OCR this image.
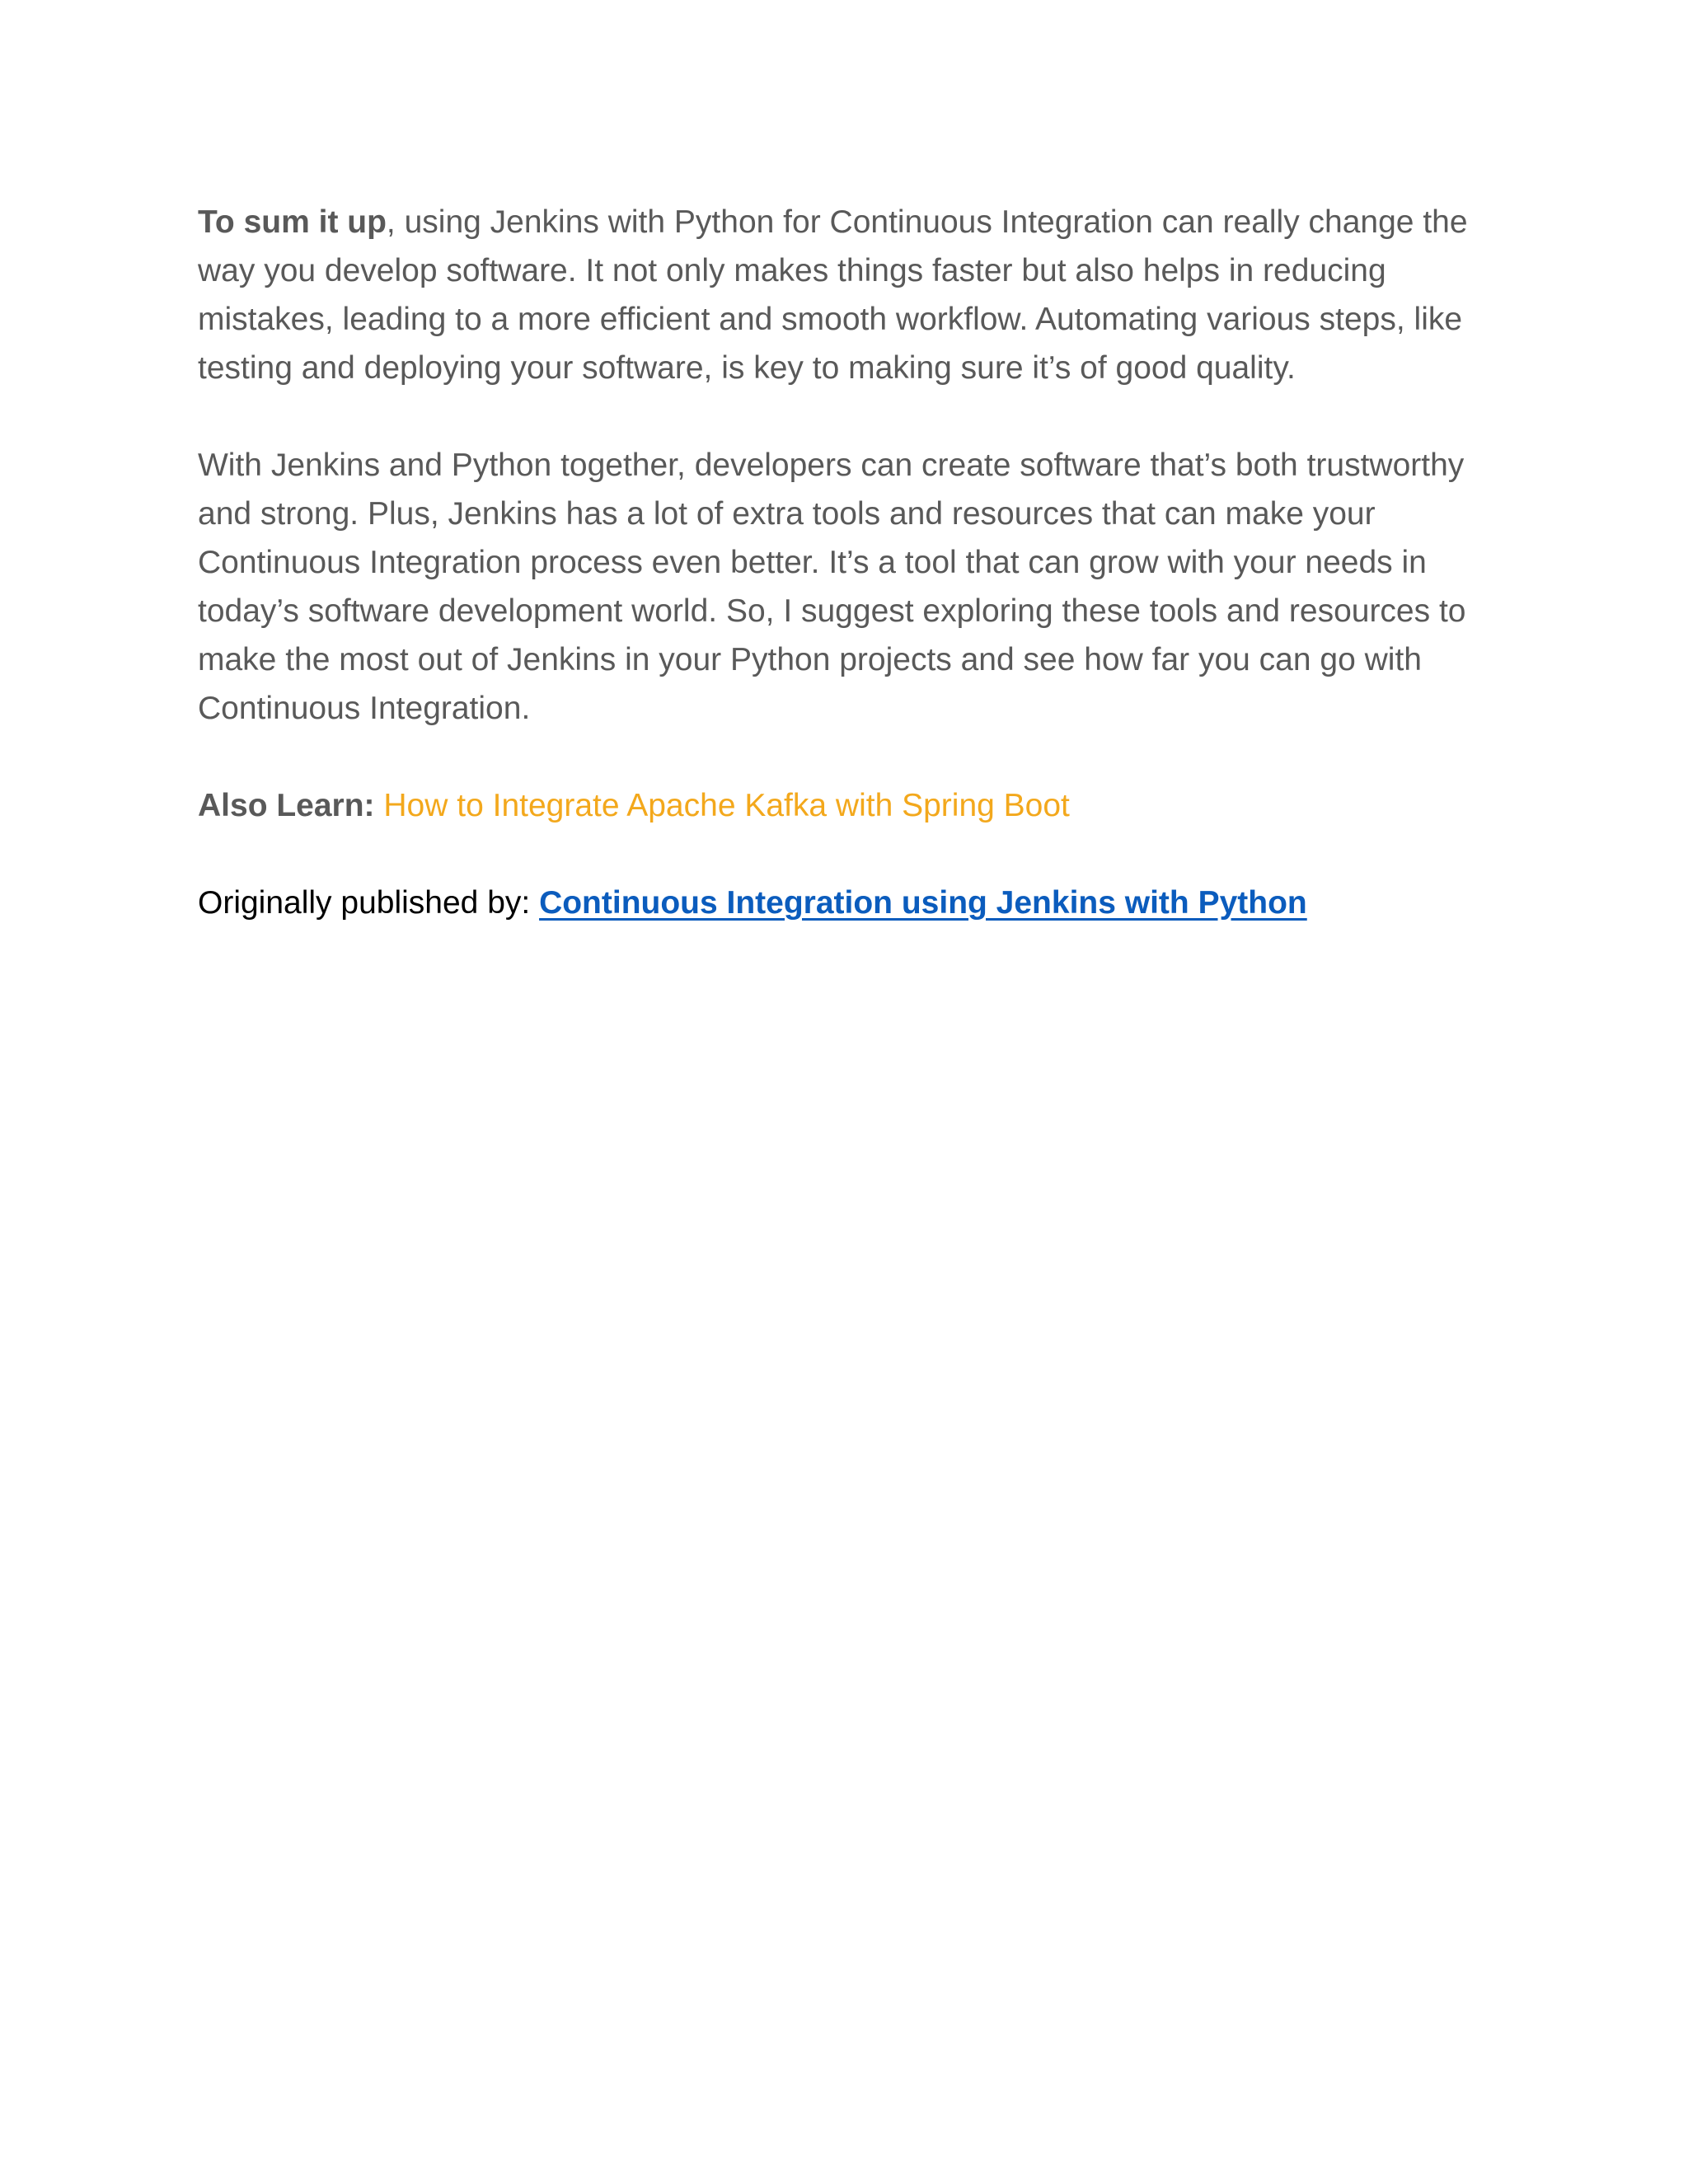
To sum it up, using Jenkins with Python for Continuous Integration can really change the way you develop software. It not only makes things faster but also helps in reducing mistakes, leading to a more efficient and smooth workflow. Automating various steps, like testing and deploying your software, is key to making sure it’s of good quality.

With Jenkins and Python together, developers can create software that’s both trustworthy and strong. Plus, Jenkins has a lot of extra tools and resources that can make your Continuous Integration process even better. It’s a tool that can grow with your needs in today’s software development world. So, I suggest exploring these tools and resources to make the most out of Jenkins in your Python projects and see how far you can go with Continuous Integration.

Also Learn: How to Integrate Apache Kafka with Spring Boot

Originally published by: Continuous Integration using Jenkins with Python
